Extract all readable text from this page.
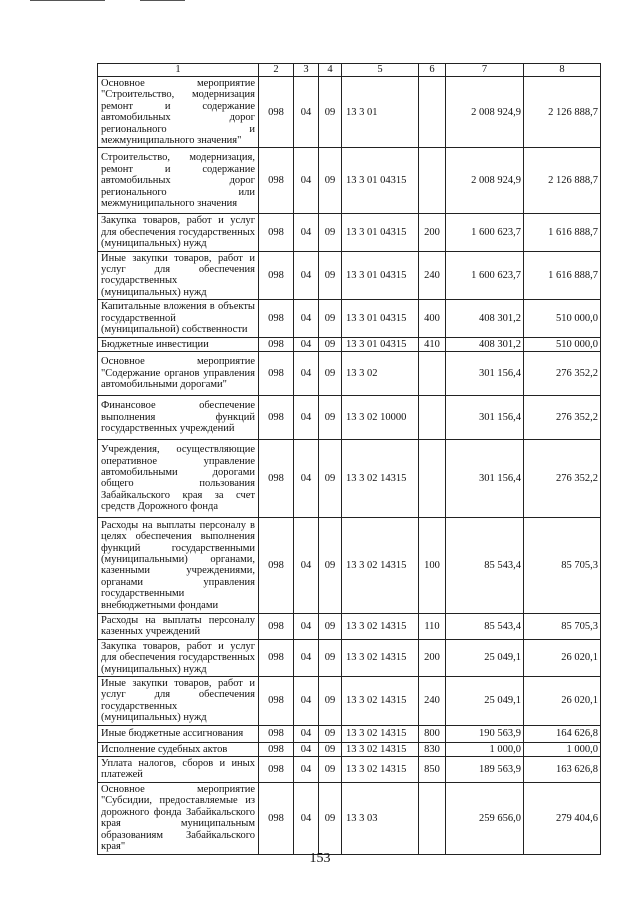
1	2	3	4	5	6	7	8
Основное мероприятие "Строительство, модернизация ремонт и содержание автомобильных дорог регионального и межмуниципального значения"	098	04	09	13 3 01		2 008 924,9	2 126 888,7
Строительство, модернизация, ремонт и содержание автомобильных дорог регионального или межмуниципального значения	098	04	09	13 3 01 04315		2 008 924,9	2 126 888,7
Закупка товаров, работ и услуг для обеспечения государственных (муниципальных) нужд	098	04	09	13 3 01 04315	200	1 600 623,7	1 616 888,7
Иные закупки товаров, работ и услуг для обеспечения государственных (муниципальных) нужд	098	04	09	13 3 01 04315	240	1 600 623,7	1 616 888,7
Капитальные вложения в объекты государственной (муниципальной) собственности	098	04	09	13 3 01 04315	400	408 301,2	510 000,0
Бюджетные инвестиции	098	04	09	13 3 01 04315	410	408 301,2	510 000,0
Основное мероприятие "Содержание органов управления автомобильными дорогами"	098	04	09	13 3 02		301 156,4	276 352,2
Финансовое обеспечение выполнения функций государственных учреждений	098	04	09	13 3 02 10000		301 156,4	276 352,2
Учреждения, осуществляющие оперативное управление автомобильными дорогами общего пользования Забайкальского края за счет средств Дорожного фонда	098	04	09	13 3 02 14315		301 156,4	276 352,2
Расходы на выплаты персоналу в целях обеспечения выполнения функций государственными (муниципальными) органами, казенными учреждениями, органами управления государственными внебюджетными фондами	098	04	09	13 3 02 14315	100	85 543,4	85 705,3
Расходы на выплаты персоналу казенных учреждений	098	04	09	13 3 02 14315	110	85 543,4	85 705,3
Закупка товаров, работ и услуг для обеспечения государственных (муниципальных) нужд	098	04	09	13 3 02 14315	200	25 049,1	26 020,1
Иные закупки товаров, работ и услуг для обеспечения государственных (муниципальных) нужд	098	04	09	13 3 02 14315	240	25 049,1	26 020,1
Иные бюджетные ассигнования	098	04	09	13 3 02 14315	800	190 563,9	164 626,8
Исполнение судебных актов	098	04	09	13 3 02 14315	830	1 000,0	1 000,0
Уплата налогов, сборов и иных платежей	098	04	09	13 3 02 14315	850	189 563,9	163 626,8
Основное мероприятие "Субсидии, предоставляемые из дорожного фонда Забайкальского края муниципальным образованиям Забайкальского края"	098	04	09	13 3 03		259 656,0	279 404,6
153
